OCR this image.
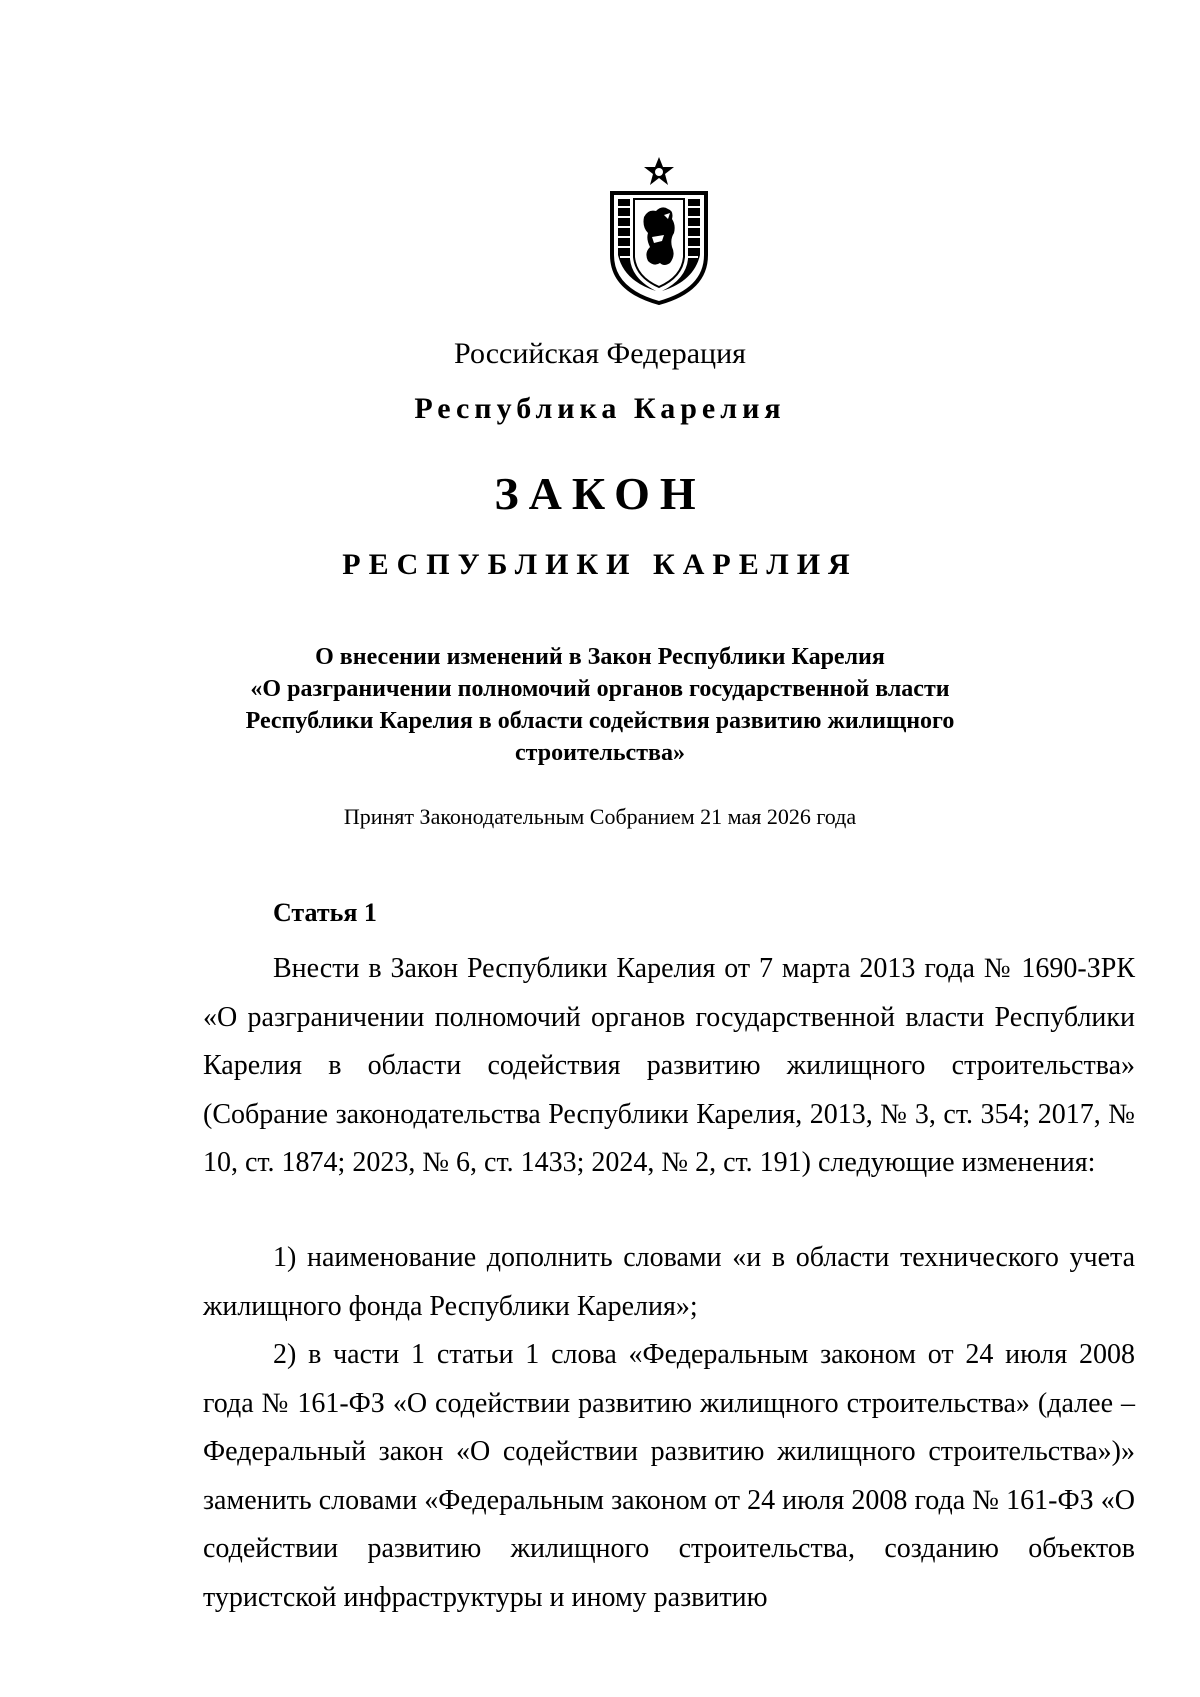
Российская Федерация
Республика Карелия
ЗАКОН
РЕСПУБЛИКИ КАРЕЛИЯ
О внесении изменений в Закон Республики Карелия
«О разграничении полномочий органов государственной власти
Республики Карелия в области содействия развитию жилищного
строительства»
Принят Законодательным Собранием 21 мая 2026 года
Статья 1
Внести в Закон Республики Карелия от 7 марта 2013 года № 1690-ЗРК «О разграничении полномочий органов государственной власти Республики Карелия в области содействия развитию жилищного строительства» (Собрание законодательства Республики Карелия, 2013, № 3, ст. 354; 2017, № 10, ст. 1874; 2023, № 6, ст. 1433; 2024, № 2, ст. 191) следующие изменения:
1) наименование дополнить словами «и в области технического учета жилищного фонда Республики Карелия»;
2) в части 1 статьи 1 слова «Федеральным законом от 24 июля 2008 года № 161-ФЗ «О содействии развитию жилищного строительства» (далее – Федеральный закон «О содействии развитию жилищного строительства»)» заменить словами «Федеральным законом от 24 июля 2008 года № 161-ФЗ «О содействии развитию жилищного строительства, созданию объектов туристской инфраструктуры и иному развитию
